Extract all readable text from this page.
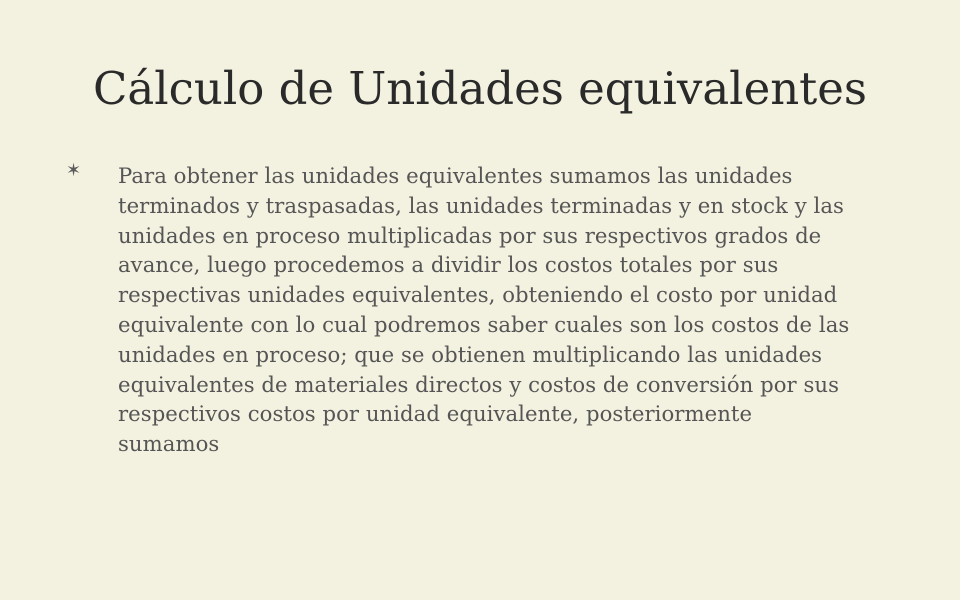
Cálculo de Unidades equivalentes
✶ Para obtener las unidades equivalentes sumamos las unidades terminados y traspasadas, las unidades terminadas y en stock y las unidades en proceso multiplicadas por sus respectivos grados de avance, luego procedemos a dividir los costos totales por sus respectivas unidades equivalentes, obteniendo el costo por unidad equivalente con lo cual podremos saber cuales son los costos de las unidades en proceso; que se obtienen multiplicando las unidades equivalentes de materiales directos y costos de conversión por sus respectivos costos por unidad equivalente, posteriormente sumamos
